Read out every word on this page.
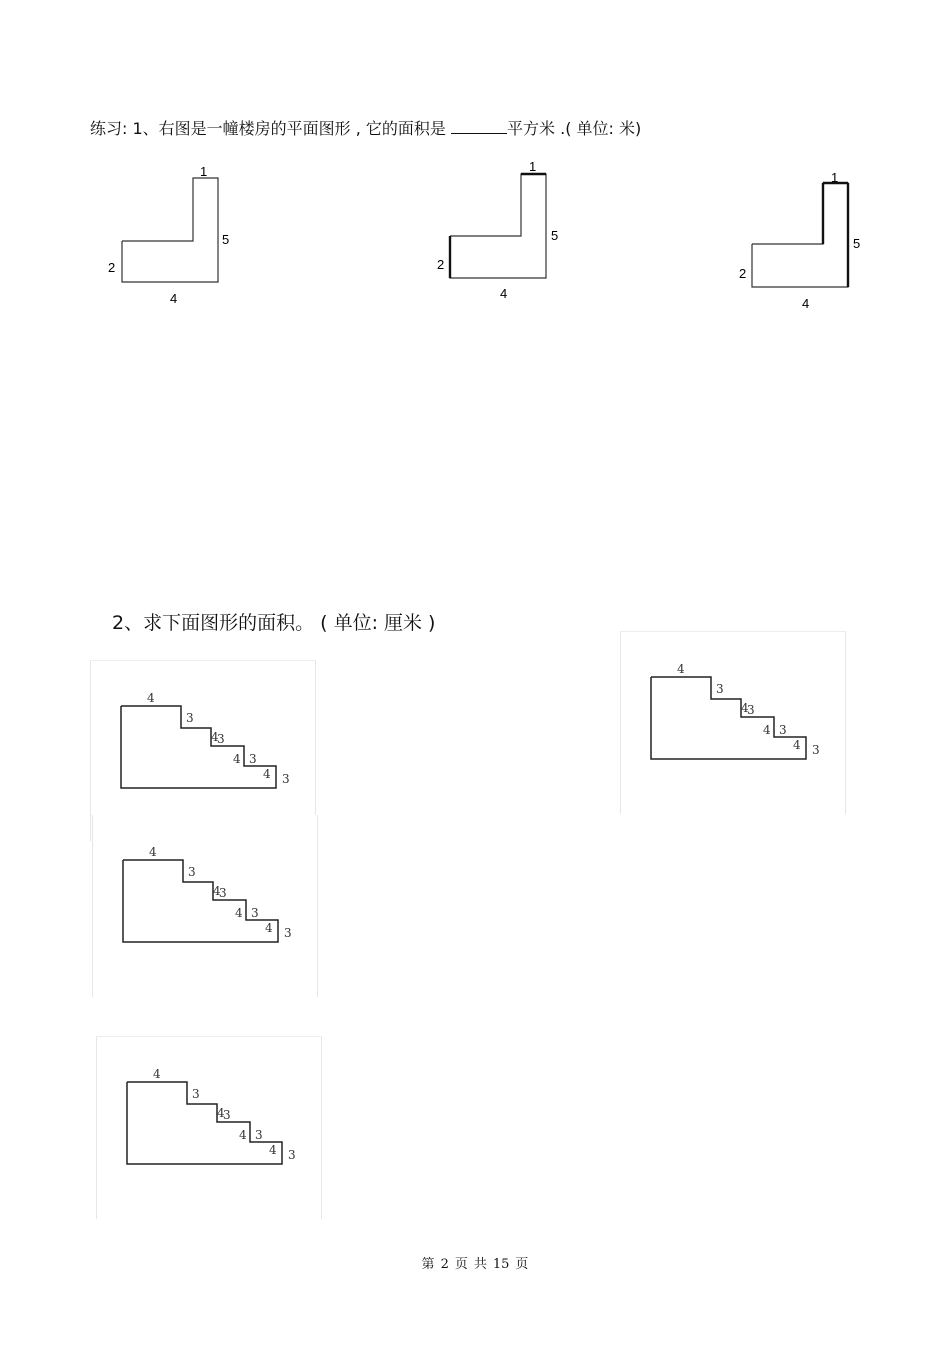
练习: 1、右图是一幢楼房的平面图形 , 它的面积是	平方米 .( 单位: 米)
1
5
2
4
1
5
2
4
1
5
2
4
2、求下面图形的面积。 ( 单位: 厘米 )
4
3
4
3
4 3
4 3
4
3
4
3
4 3
4 3
4
3
4
3
4 3
4 3
4
3
4
3
4 3
4 3
第 2 页 共 15 页
